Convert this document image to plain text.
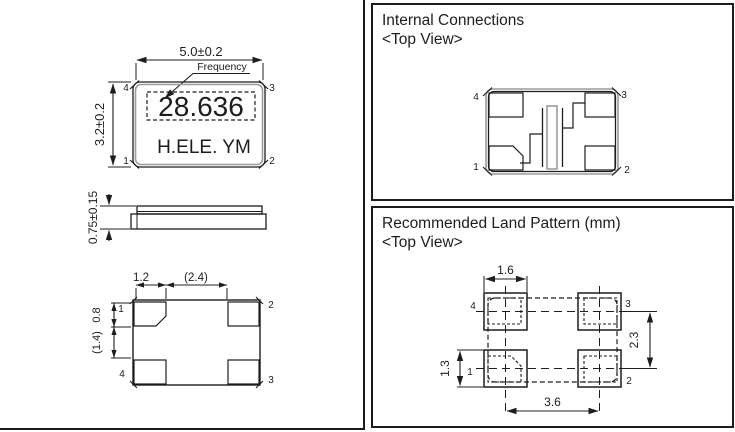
5.0±0.2
Frequency
28.636
H.ELE. YM
4	3
1	2
3.2±0.2
0.75±0.15
1.2	(2.4)
1	2
4
3
0.8
(1.4)
Internal Connections
<Top View>
4	3
1	2
Recommended Land Pattern (mm)
<Top View>
1.6
1.3
2.3
3.6
4	3
1
2
